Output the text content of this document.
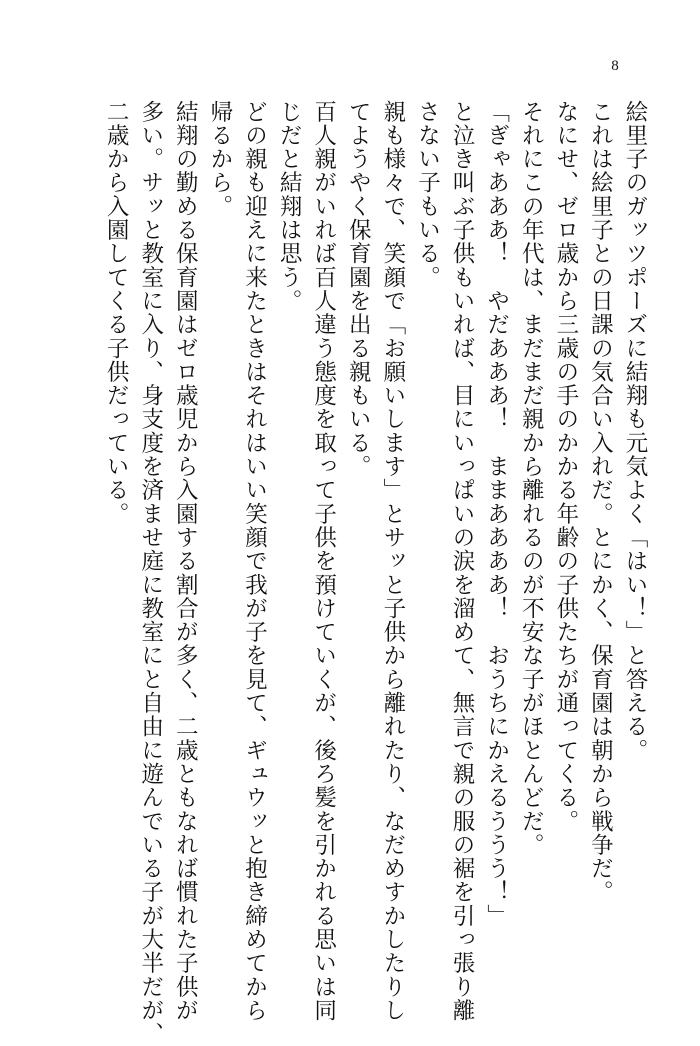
8
絵里子のガッツポーズに結翔も元気よく「はい！」と答える。
これは絵里子との日課の気合い入れだ。とにかく、保育園は朝から戦争だ。
なにせ、ゼロ歳から三歳の手のかかる年齢の子供たちが通ってくる。
それにこの年代は、まだまだ親から離れるのが不安な子がほとんどだ。
「ぎゃあああ！　やだあああ！　ままああああ！　おうちにかえるううう！」
と泣き叫ぶ子供もいれば、目にいっぱいの涙を溜めて、無言で親の服の裾を引っ張り離
さない子もいる。
親も様々で、笑顔で「お願いします」とサッと子供から離れたり、なだめすかしたりし
てようやく保育園を出る親もいる。
百人親がいれば百人違う態度を取って子供を預けていくが、後ろ髪を引かれる思いは同
じだと結翔は思う。
どの親も迎えに来たときはそれはいい笑顔で我が子を見て、ギュウッと抱き締めてから
帰るから。
結翔の勤める保育園はゼロ歳児から入園する割合が多く、二歳ともなれば慣れた子供が
多い。サッと教室に入り、身支度を済ませ庭に教室にと自由に遊んでいる子が大半だが、
二歳から入園してくる子供だっている。
